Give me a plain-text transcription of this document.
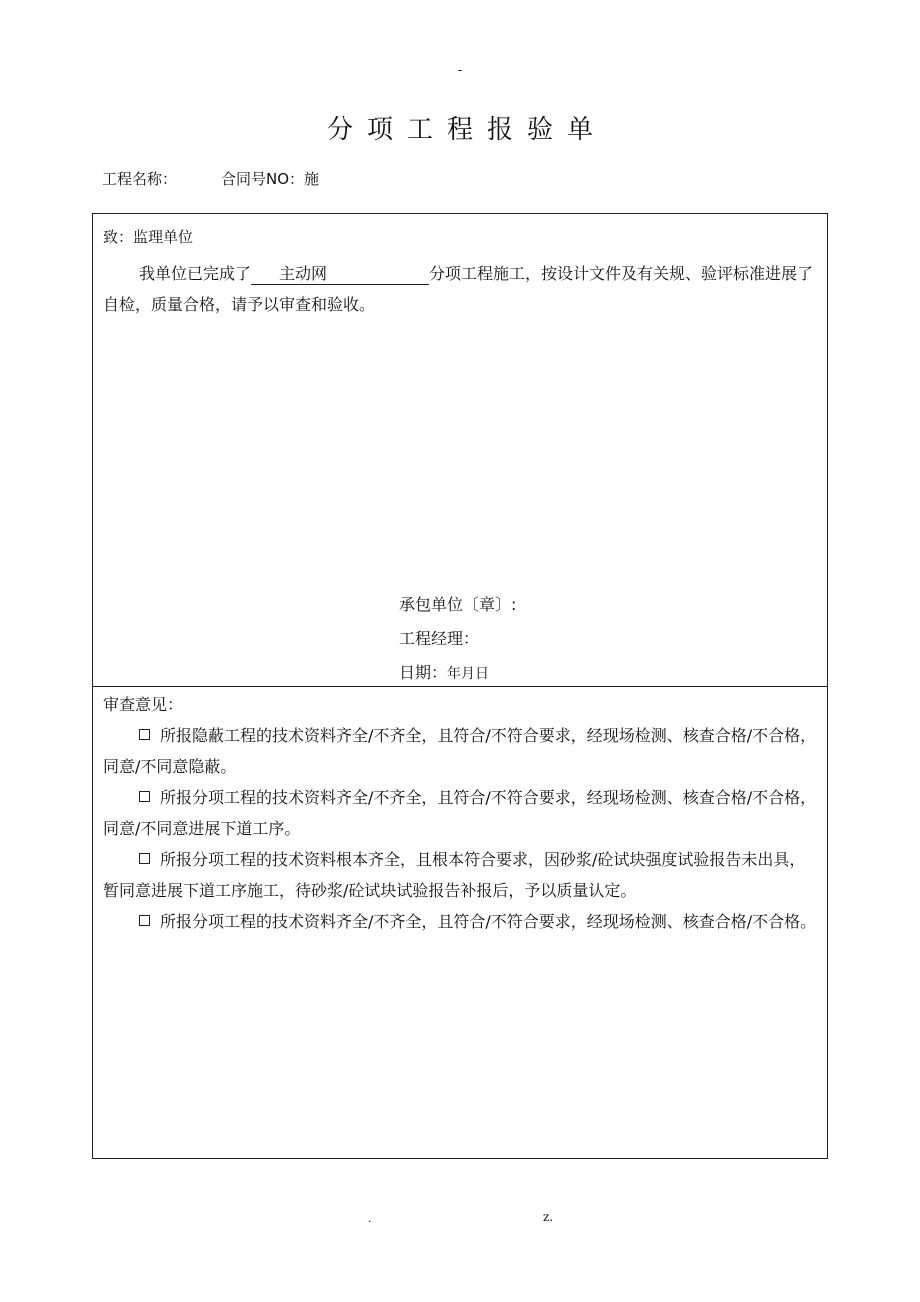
-
分项工程报验单
工程名称：	合同号NO：施
致：监理单位
我单位已完成了 主动网	分项工程施工，按设计文件及有关规、验评标准进展了自检，质量合格，请予以审查和验收。
承包单位〔章〕:
工程经理：
日期：年月日
审查意见：

所报隐蔽工程的技术资料齐全/不齐全，且符合/不符合要求，经现场检测、核查合格/不合格， 同意/不同意隐蔽。

所报分项工程的技术资料齐全/不齐全，且符合/不符合要求，经现场检测、核查合格/不合格， 同意/不同意进展下道工序。

所报分项工程的技术资料根本齐全，且根本符合要求，因砂浆/砼试块强度试验报告未出具，暂同意进展下道工序施工，待砂浆/砼试块试验报告补报后，予以质量认定。

所报分项工程的技术资料齐全/不齐全，且符合/不符合要求，经现场检测、核查合格/不合格。

.	z.
